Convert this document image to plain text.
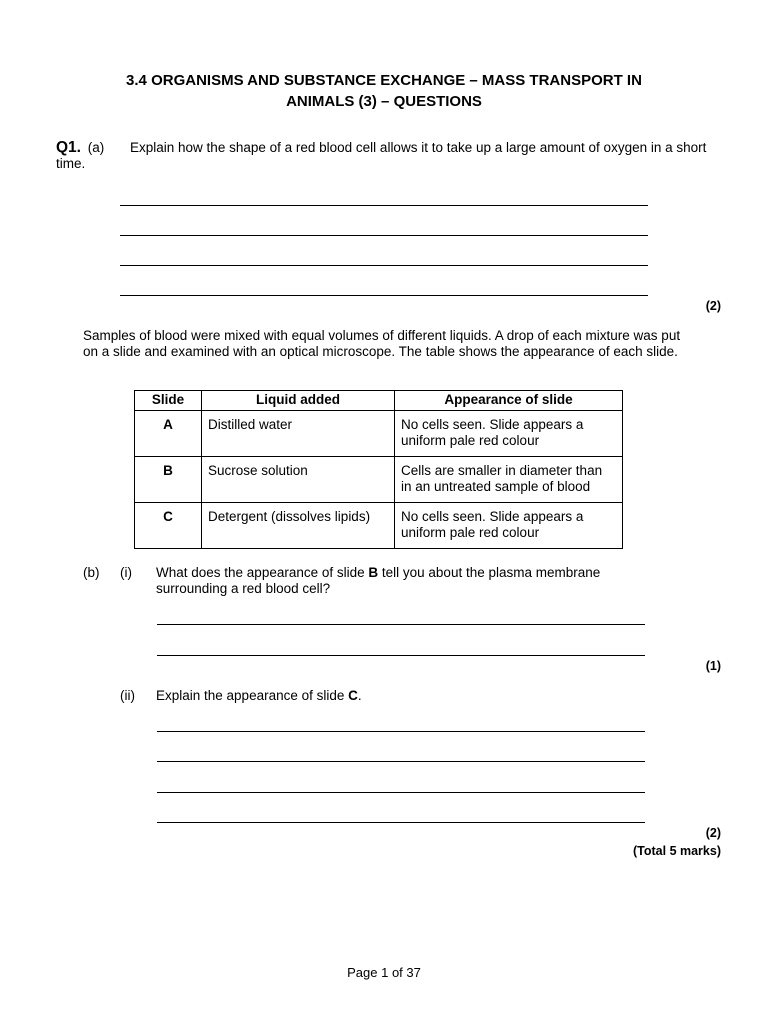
3.4 ORGANISMS AND SUBSTANCE EXCHANGE – MASS TRANSPORT IN
ANIMALS (3) – QUESTIONS
Q1. (a) Explain how the shape of a red blood cell allows it to take up a large amount of oxygen in a short time.
(2)
Samples of blood were mixed with equal volumes of different liquids. A drop of each mixture was put on a slide and examined with an optical microscope. The table shows the appearance of each slide.
Slide	Liquid added	Appearance of slide
A	Distilled water	No cells seen. Slide appears a uniform pale red colour
B	Sucrose solution	Cells are smaller in diameter than in an untreated sample of blood
C	Detergent (dissolves lipids)	No cells seen. Slide appears a uniform pale red colour
(b) (i) What does the appearance of slide B tell you about the plasma membrane surrounding a red blood cell?
(1)
(ii) Explain the appearance of slide C.
(2)
(Total 5 marks)
Page 1 of 37
